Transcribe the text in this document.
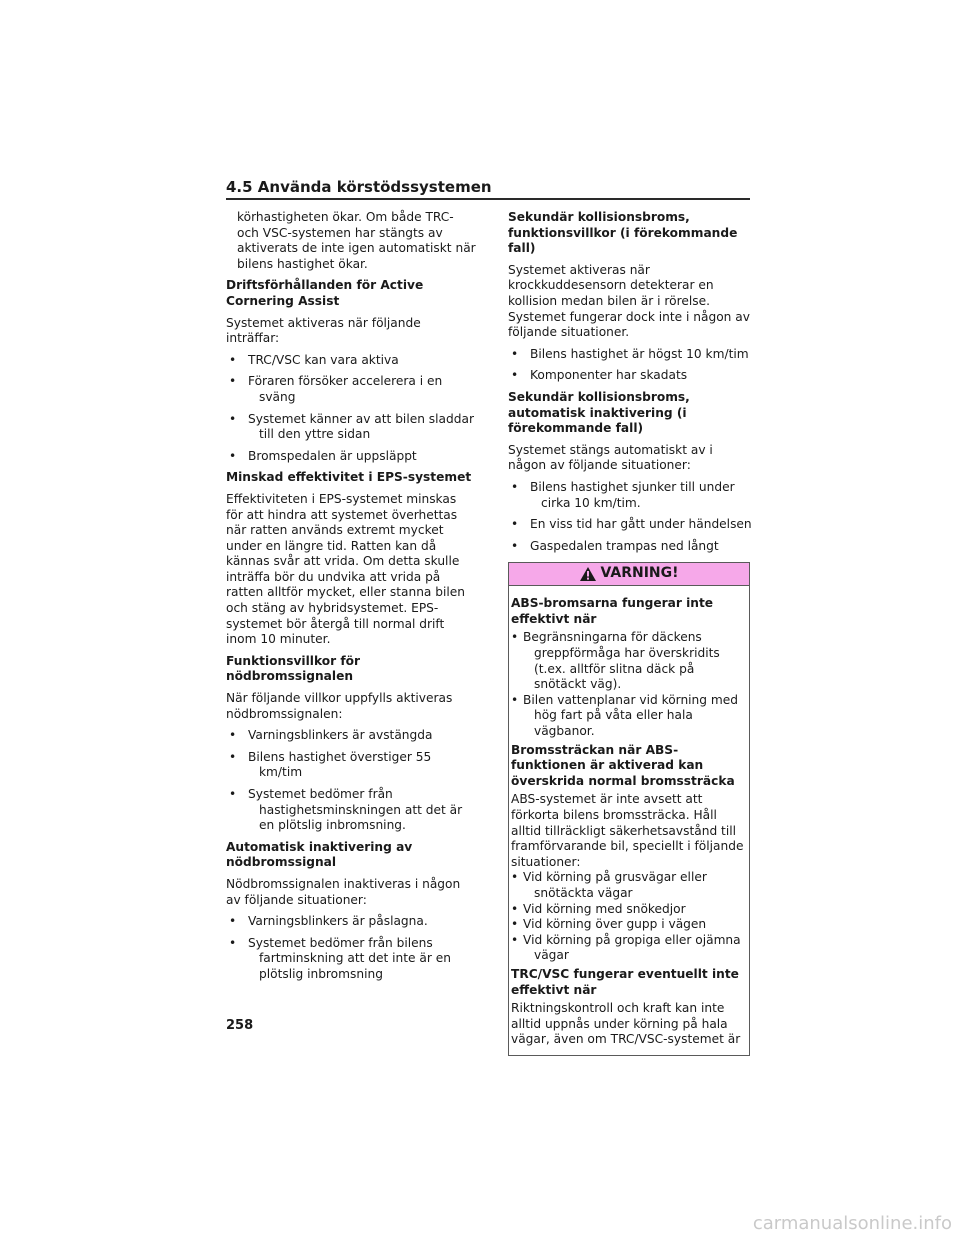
4.5 Använda körstödssystemen

körhastigheten ökar. Om både TRC- och VSC-systemen har stängts av aktiverats de inte igen automatiskt när bilens hastighet ökar.

Driftsförhållanden för Active Cornering Assist

Systemet aktiveras när följande inträffar:

• TRC/VSC kan vara aktiva
• Föraren försöker accelerera i en sväng
• Systemet känner av att bilen sladdar till den yttre sidan
• Bromspedalen är uppsläppt
Minskad effektivitet i EPS-systemet

Effektiviteten i EPS-systemet minskas för att hindra att systemet överhettas när ratten används extremt mycket under en längre tid. Ratten kan då kännas svår att vrida. Om detta skulle inträffa bör du undvika att vrida på ratten alltför mycket, eller stanna bilen och stäng av hybridsystemet. EPS-systemet bör återgå till normal drift inom 10 minuter.

Funktionsvillkor för nödbromssignalen

När följande villkor uppfylls aktiveras nödbromssignalen:

• Varningsblinkers är avstängda
• Bilens hastighet överstiger 55 km/tim
• Systemet bedömer från hastighetsminskningen att det är en plötslig inbromsning.
Automatisk inaktivering av nödbromssignal

Nödbromssignalen inaktiveras i någon av följande situationer:

• Varningsblinkers är påslagna.
• Systemet bedömer från bilens fartminskning att det inte är en plötslig inbromsning
Sekundär kollisionsbroms, funktionsvillkor (i förekommande fall)

Systemet aktiveras när krockkuddesensorn detekterar en kollision medan bilen är i rörelse. Systemet fungerar dock inte i någon av följande situationer.

• Bilens hastighet är högst 10 km/tim
• Komponenter har skadats
Sekundär kollisionsbroms, automatisk inaktivering (i förekommande fall)

Systemet stängs automatiskt av i någon av följande situationer:

• Bilens hastighet sjunker till under cirka 10 km/tim.
• En viss tid har gått under händelsen
• Gaspedalen trampas ned långt
VARNING!
ABS-bromsarna fungerar inte effektivt när
• Begränsningarna för däckens greppförmåga har överskridits (t.ex. alltför slitna däck på snötäckt väg).
• Bilen vattenplanar vid körning med hög fart på våta eller hala vägbanor.
Bromssträckan när ABS-funktionen är aktiverad kan överskrida normal bromssträcka

ABS-systemet är inte avsett att förkorta bilens bromssträcka. Håll alltid tillräckligt säkerhetsavstånd till framförvarande bil, speciellt i följande situationer:

• Vid körning på grusvägar eller snötäckta vägar
• Vid körning med snökedjor
• Vid körning över gupp i vägen
• Vid körning på gropiga eller ojämna vägar
TRC/VSC fungerar eventuellt inte effektivt när

Riktningskontroll och kraft kan inte alltid uppnås under körning på hala vägar, även om TRC/VSC-systemet är

258
carmanualsonline.info
